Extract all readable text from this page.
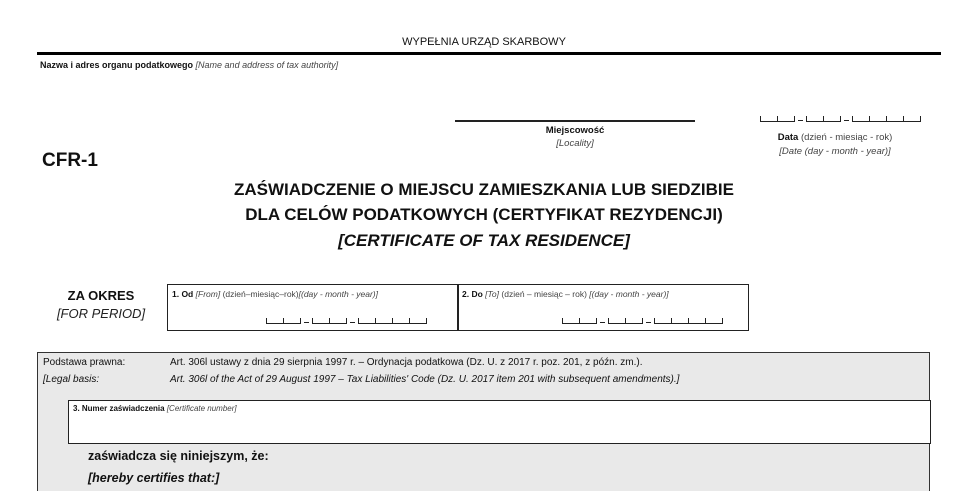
WYPEŁNIA URZĄD SKARBOWY
Nazwa i adres organu podatkowego [Name and address of tax authority]
Miejscowość
[Locality]
Data (dzień - miesiąc - rok)
[Date (day - month - year)]
CFR-1
ZAŚWIADCZENIE O MIEJSCU ZAMIESZKANIA LUB SIEDZIBIE
DLA CELÓW PODATKOWYCH (CERTYFIKAT REZYDENCJI)
[CERTIFICATE OF TAX RESIDENCE]
ZA OKRES
[FOR PERIOD]
1. Od [From] (dzień–miesiąc–rok)[(day - month - year)]	2. Do [To] (dzień – miesiąc – rok) [(day - month - year)]
Podstawa prawna:	Art. 306l ustawy z dnia 29 sierpnia 1997 r. – Ordynacja podatkowa (Dz. U. z 2017 r. poz. 201, z późn. zm.).
[Legal basis:	Art. 306l of the Act of 29 August 1997 – Tax Liabilities' Code (Dz. U. 2017 item 201 with subsequent amendments).]
3. Numer zaświadczenia [Certificate number]
zaświadcza się niniejszym, że:
[hereby certifies that:]
